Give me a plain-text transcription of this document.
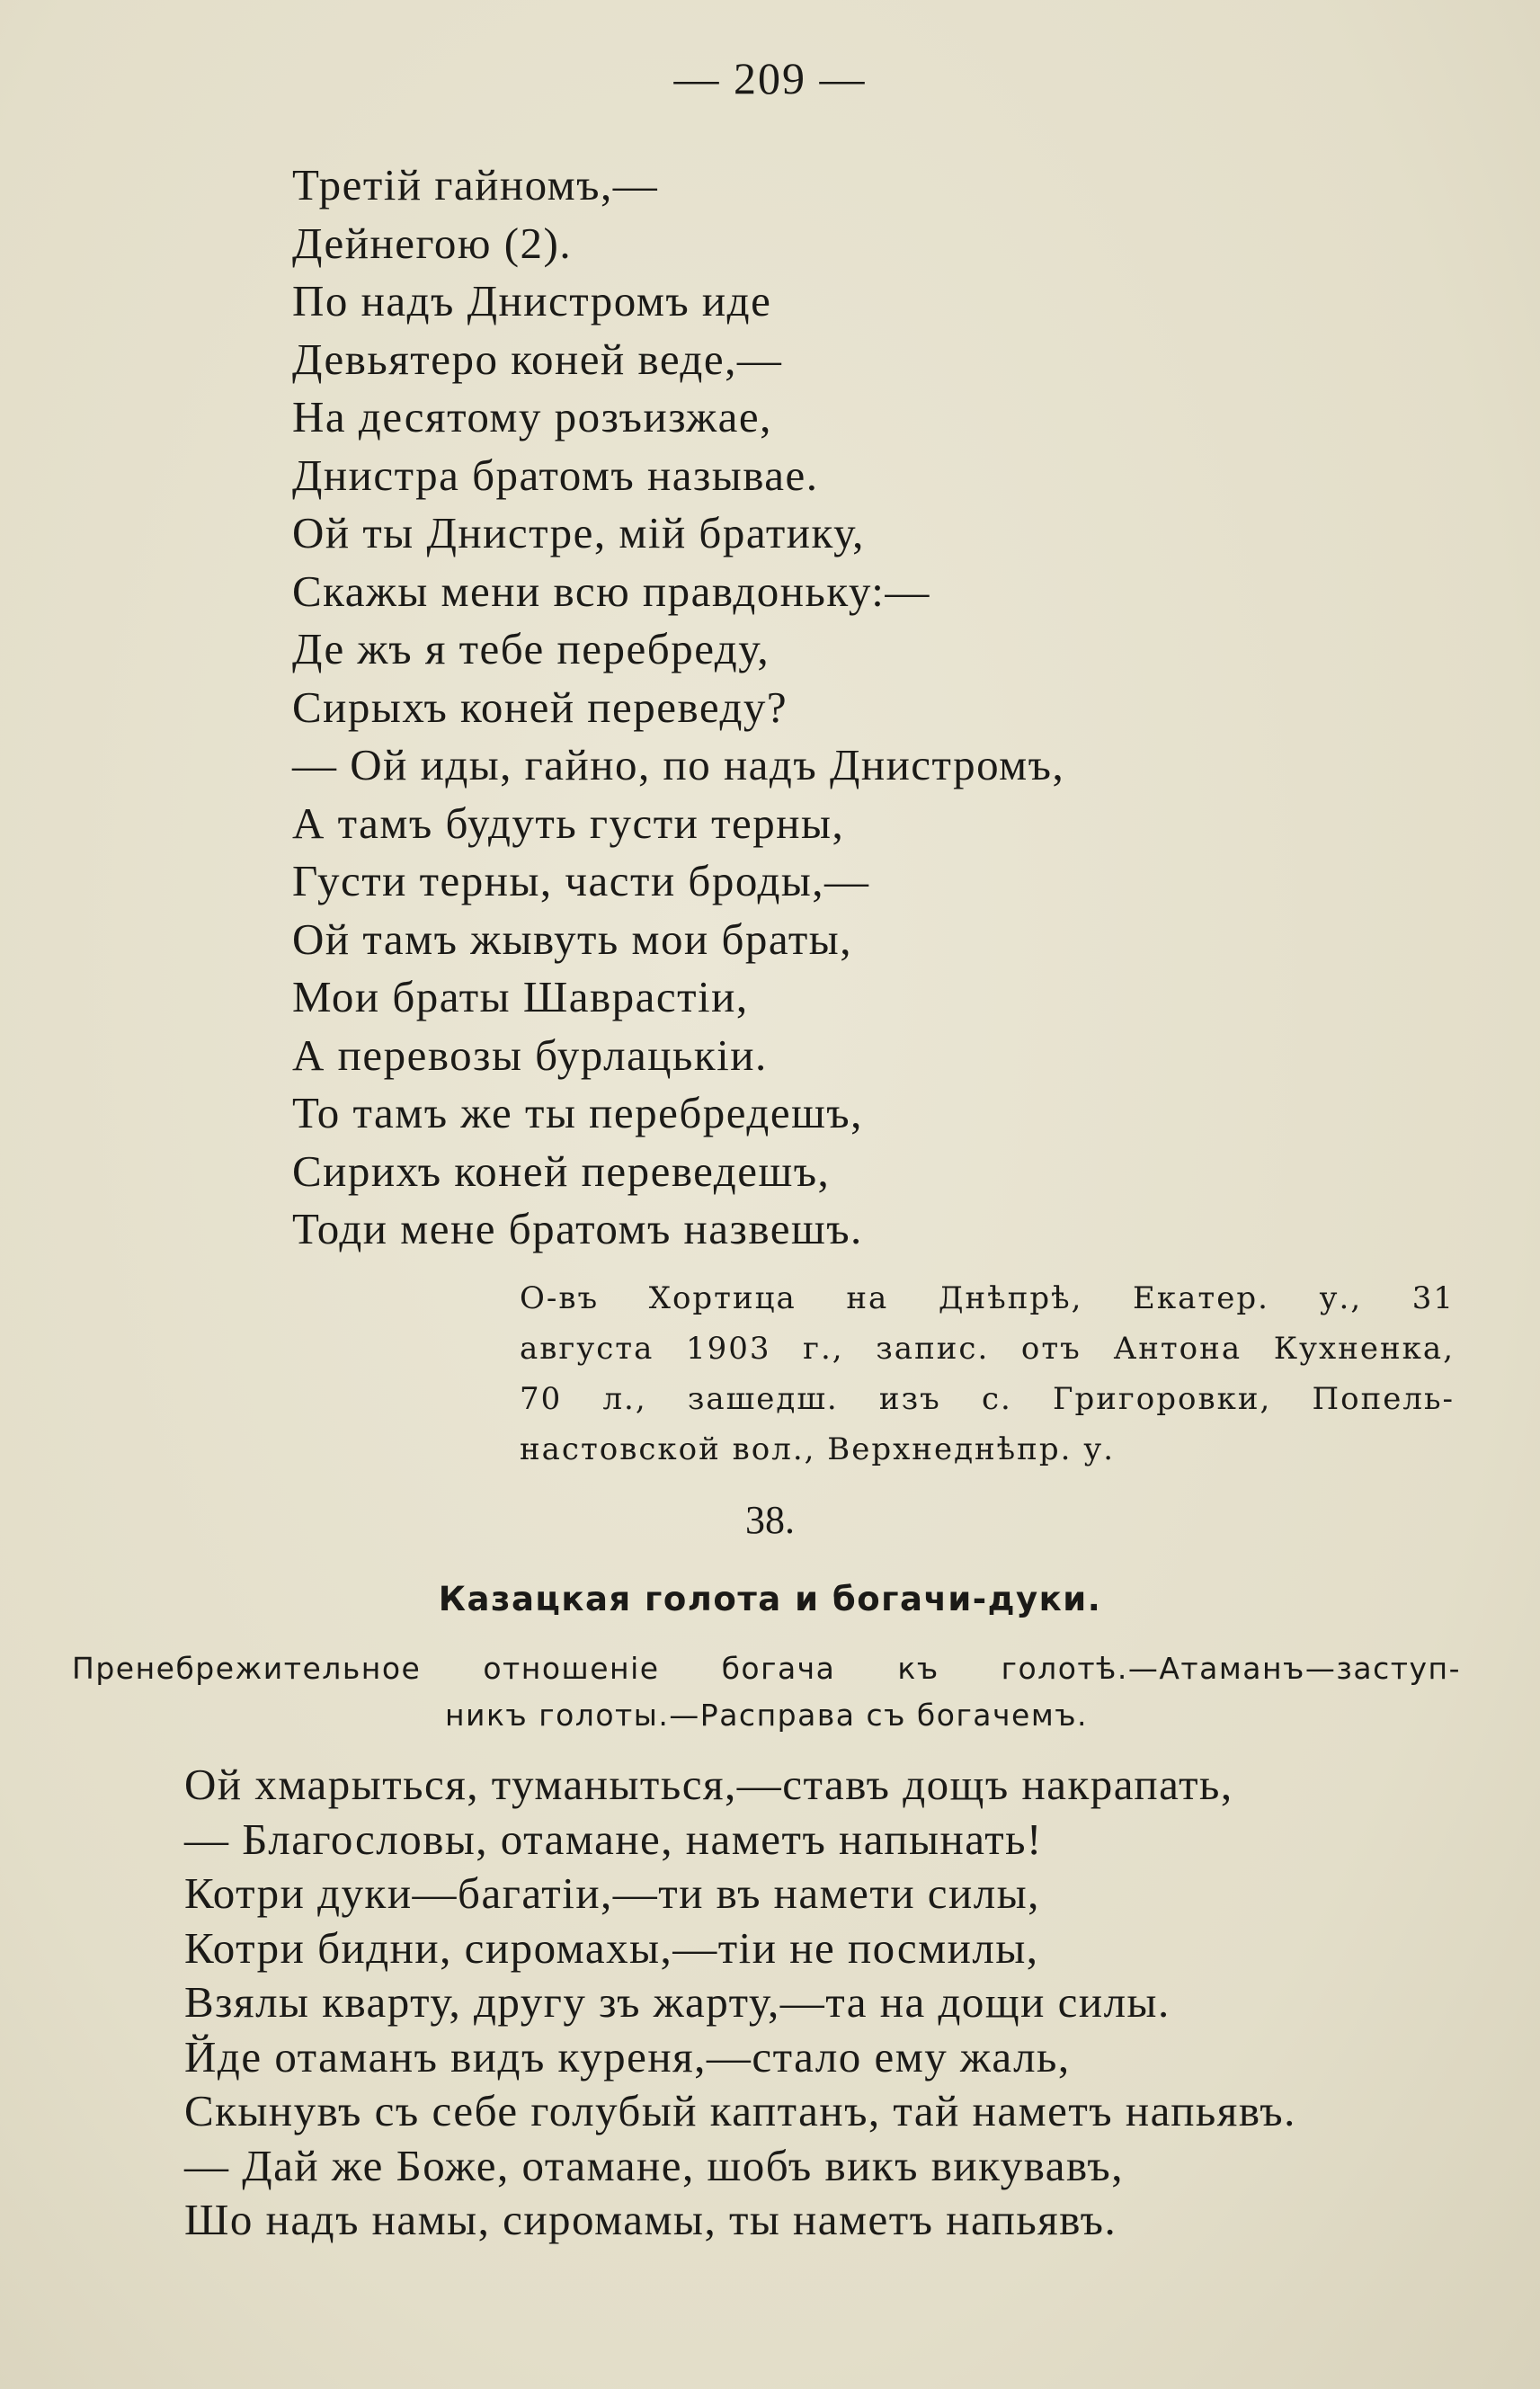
— 209 —
Третій гайномъ,—
Дейнегою (2).
По надъ Днистромъ иде
Девьятеро коней веде,—
На десятому розъизжае,
Днистра братомъ называе.
Ой ты Днистре, мій братику,
Скажы мени всю правдоньку:—
Де жъ я тебе перебреду,
Сирыхъ коней переведу?
— Ой иды, гайно, по надъ Днистромъ,
А тамъ будуть густи терны,
Густи терны, части броды,—
Ой тамъ жывуть мои браты,
Мои браты Шаврастіи,
А перевозы бурлацькіи.
То тамъ же ты перебредешъ,
Сирихъ коней переведешъ,
Тоди мене братомъ назвешъ.
О-въ Хортица на Днѣпрѣ, Екатер. у., 31
августа 1903 г., запис. отъ Антона Кухненка,
70 л., зашедш. изъ с. Григоровки, Попель-
настовской вол., Верхнеднѣпр. у.
38.
Казацкая голота и богачи-дуки.
Пренебрежительное отношеніе богача къ голотѣ.—Атаманъ—заступ-
никъ голоты.—Расправа съ богачемъ.
Ой хмарыться, туманыться,—ставъ дощъ накрапать,
— Благословы, отамане, наметъ напынать!
Котри дуки—багатіи,—ти въ намети силы,
Котри бидни, сиромахы,—тіи не посмилы,
Взялы кварту, другу зъ жарту,—та на дощи силы.
Йде отаманъ видъ куреня,—стало ему жаль,
Скынувъ съ себе голубый каптанъ, тай наметъ напьявъ.
— Дай же Боже, отамане, шобъ викъ викувавъ,
Шо надъ намы, сиромамы, ты наметъ напьявъ.
